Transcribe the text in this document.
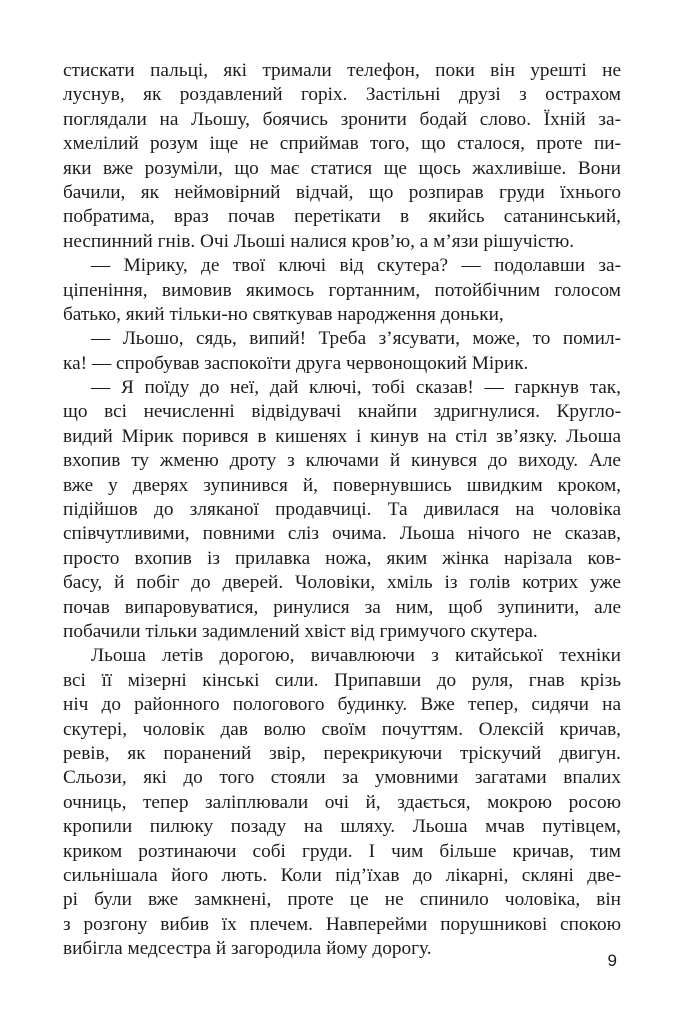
стискати пальці, які тримали телефон, поки він урешті не
луснув, як роздавлений горіх. Застільні друзі з острахом
поглядали на Льошу, боячись зронити бодай слово. Їхній за-
хмелілий розум іще не сприймав того, що сталося, проте пи-
яки вже розуміли, що має статися ще щось жахливіше. Вони
бачили, як неймовірний відчай, що розпирав груди їхнього
побратима, враз почав перетікати в якийсь сатанинський,
неспинний гнів. Очі Льоші налися кров’ю, а м’язи рішучістю.
— Мірику, де твої ключі від скутера? — подолавши за-
ціпеніння, вимовив якимось гортанним, потойбічним голосом
батько, який тільки-но святкував народження доньки,
— Льошо, сядь, випий! Треба з’ясувати, може, то помил-
ка! — спробував заспокоїти друга червонощокий Мірик.
— Я поїду до неї, дай ключі, тобі сказав! — гаркнув так,
що всі нечисленні відвідувачі кнайпи здригнулися. Кругло-
видий Мірик порився в кишенях і кинув на стіл зв’язку. Льоша
вхопив ту жменю дроту з ключами й кинувся до виходу. Але
вже у дверях зупинився й, повернувшись швидким кроком,
підійшов до зляканої продавчиці. Та дивилася на чоловіка
співчутливими, повними сліз очима. Льоша нічого не сказав,
просто вхопив із прилавка ножа, яким жінка нарізала ков-
басу, й побіг до дверей. Чоловіки, хміль із голів котрих уже
почав випаровуватися, ринулися за ним, щоб зупинити, але
побачили тільки задимлений хвіст від гримучого скутера.
Льоша летів дорогою, вичавлюючи з китайської техніки
всі її мізерні кінські сили. Припавши до руля, гнав крізь
ніч до районного пологового будинку. Вже тепер, сидячи на
скутері, чоловік дав волю своїм почуттям. Олексій кричав,
ревів, як поранений звір, перекрикуючи тріскучий двигун.
Сльози, які до того стояли за умовними загатами впалих
очниць, тепер заліплювали очі й, здається, мокрою росою
кропили пилюку позаду на шляху. Льоша мчав путівцем,
криком розтинаючи собі груди. І чим більше кричав, тим
сильнішала його лють. Коли під’їхав до лікарні, скляні две-
рі були вже замкнені, проте це не спинило чоловіка, він
з розгону вибив їх плечем. Навперейми порушникові спокою
вибігла медсестра й загородила йому дорогу.
9
